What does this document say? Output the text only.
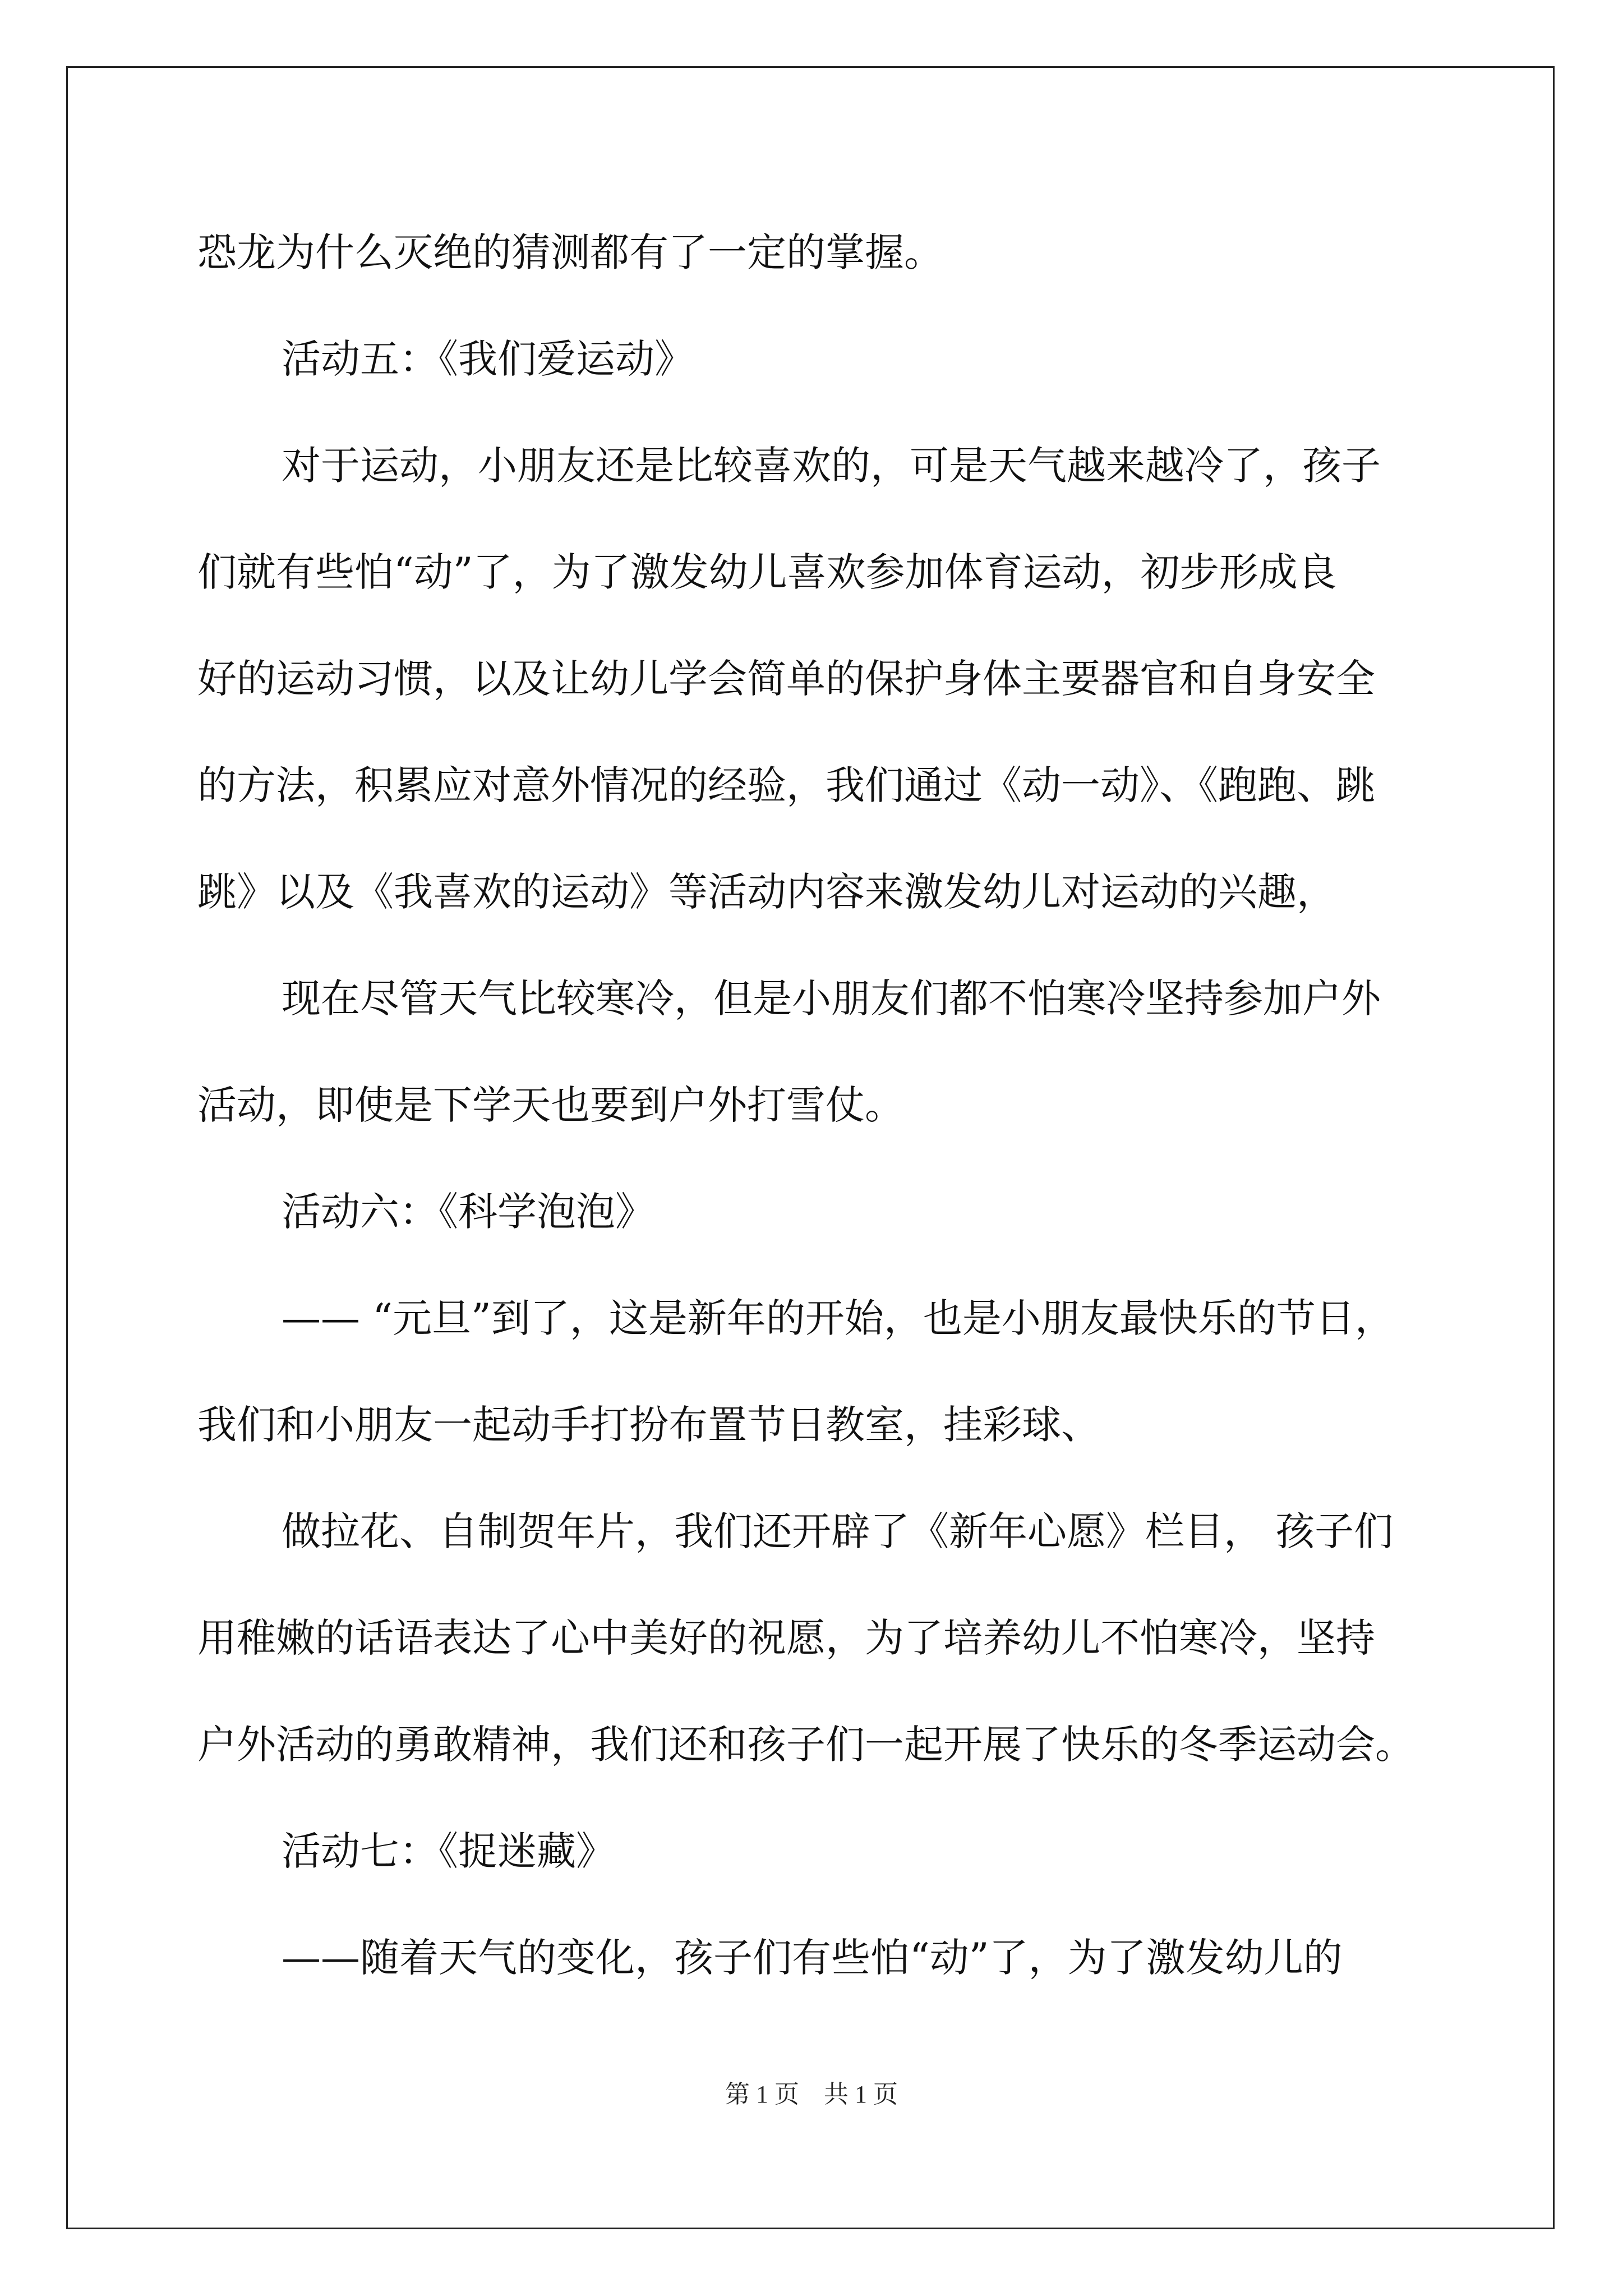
恐龙为什么灭绝的猜测都有了一定的掌握。
活动五：《我们爱运动》
对于运动，小朋友还是比较喜欢的，可是天气越来越冷了，孩子
们就有些怕“动”了，为了激发幼儿喜欢参加体育运动，初步形成良
好的运动习惯，以及让幼儿学会简单的保护身体主要器官和自身安全
的方法，积累应对意外情况的经验，我们通过《动一动》、《跑跑、跳
跳》以及《我喜欢的运动》等活动内容来激发幼儿对运动的兴趣，
现在尽管天气比较寒冷，但是小朋友们都不怕寒冷坚持参加户外
活动，即使是下学天也要到户外打雪仗。
活动六：《科学泡泡》
—— “元旦”到了，这是新年的开始，也是小朋友最快乐的节日，
我们和小朋友一起动手打扮布置节日教室，挂彩球、
做拉花、自制贺年片，我们还开辟了《新年心愿》栏目， 孩子们
用稚嫩的话语表达了心中美好的祝愿，为了培养幼儿不怕寒冷，坚持
户外活动的勇敢精神，我们还和孩子们一起开展了快乐的冬季运动会。
活动七：《捉迷藏》
——随着天气的变化，孩子们有些怕“动”了，为了激发幼儿的
第 1 页　共 1 页
